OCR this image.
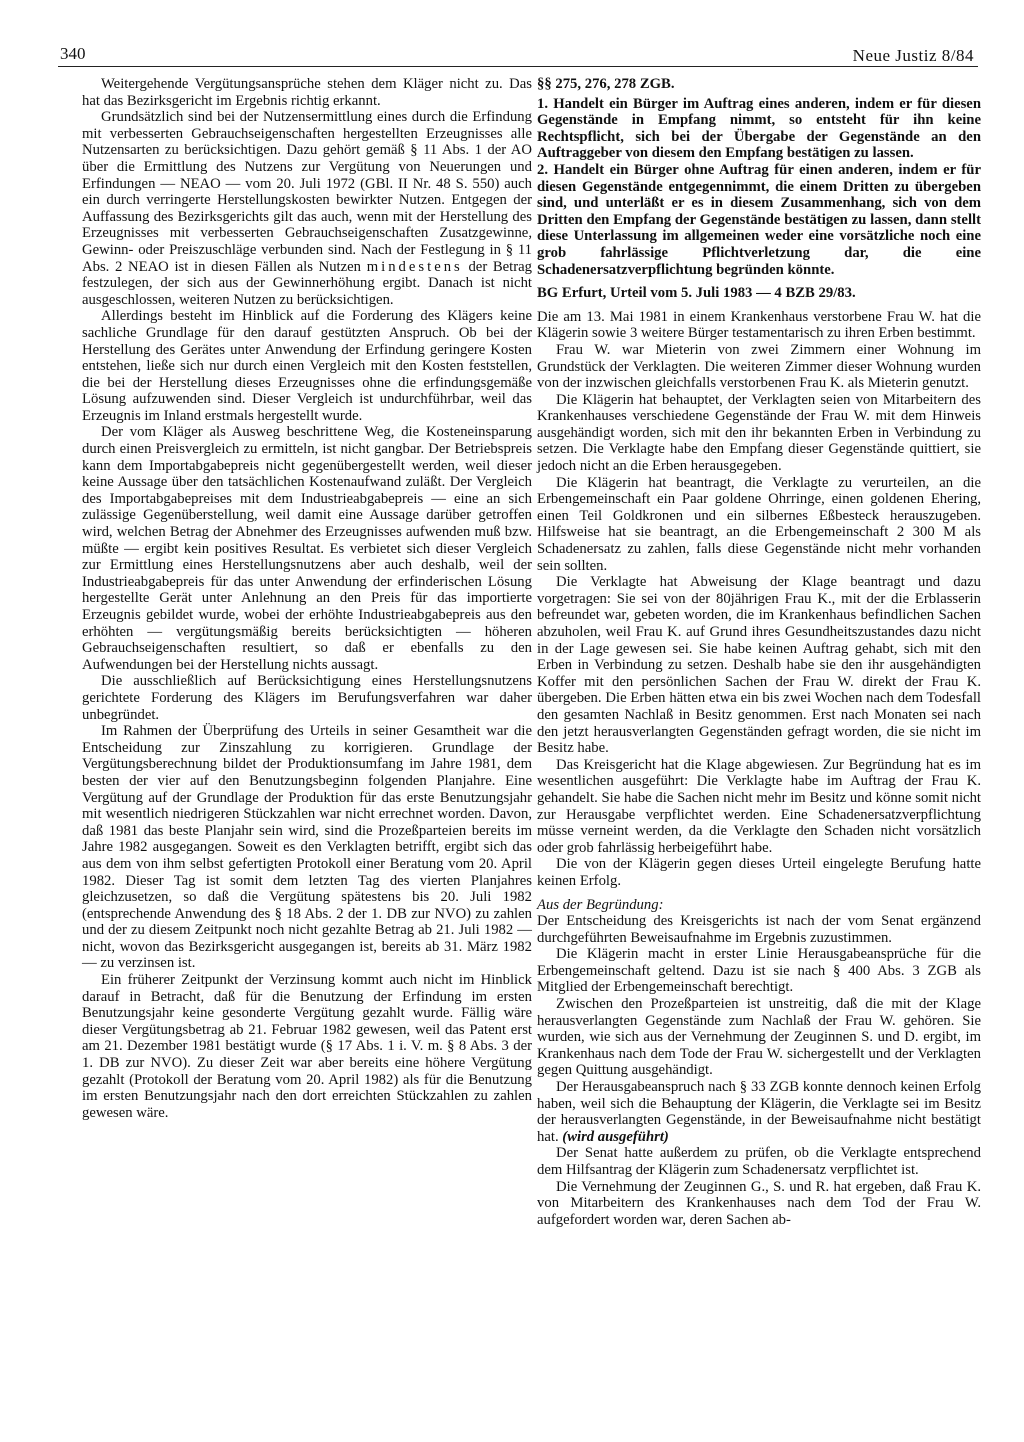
340	Neue Justiz 8/84

Weitergehende Vergütungsansprüche stehen dem Kläger nicht zu. Das hat das Bezirksgericht im Ergebnis richtig erkannt.

Grundsätzlich sind bei der Nutzensermittlung eines durch die Erfindung mit verbesserten Gebrauchseigenschaften hergestellten Erzeugnisses alle Nutzensarten zu berücksichtigen. Dazu gehört gemäß § 11 Abs. 1 der AO über die Ermittlung des Nutzens zur Vergütung von Neuerungen und Erfindungen — NEAO — vom 20. Juli 1972 (GBl. II Nr. 48 S. 550) auch ein durch verringerte Herstellungskosten bewirkter Nutzen. Entgegen der Auffassung des Bezirksgerichts gilt das auch, wenn mit der Herstellung des Erzeugnisses mit verbesserten Gebrauchseigenschaften Zusatzgewinne, Gewinn- oder Preiszuschläge verbunden sind. Nach der Festlegung in § 11 Abs. 2 NEAO ist in diesen Fällen als Nutzen mindestens der Betrag festzulegen, der sich aus der Gewinnerhöhung ergibt. Danach ist nicht ausgeschlossen, weiteren Nutzen zu berücksichtigen.

Allerdings besteht im Hinblick auf die Forderung des Klägers keine sachliche Grundlage für den darauf gestützten Anspruch. Ob bei der Herstellung des Gerätes unter Anwendung der Erfindung geringere Kosten entstehen, ließe sich nur durch einen Vergleich mit den Kosten feststellen, die bei der Herstellung dieses Erzeugnisses ohne die erfindungsgemäße Lösung aufzuwenden sind. Dieser Vergleich ist undurchführbar, weil das Erzeugnis im Inland erstmals hergestellt wurde.

Der vom Kläger als Ausweg beschrittene Weg, die Kosteneinsparung durch einen Preisvergleich zu ermitteln, ist nicht gangbar. Der Betriebspreis kann dem Importabgabepreis nicht gegenübergestellt werden, weil dieser keine Aussage über den tatsächlichen Kostenaufwand zuläßt. Der Vergleich des Importabgabepreises mit dem Industrieabgabepreis — eine an sich zulässige Gegenüberstellung, weil damit eine Aussage darüber getroffen wird, welchen Betrag der Abnehmer des Erzeugnisses aufwenden muß bzw. müßte — ergibt kein positives Resultat. Es verbietet sich dieser Vergleich zur Ermittlung eines Herstellungsnutzens aber auch deshalb, weil der Industrieabgabepreis für das unter Anwendung der erfinderischen Lösung hergestellte Gerät unter Anlehnung an den Preis für das importierte Erzeugnis gebildet wurde, wobei der erhöhte Industrieabgabepreis aus den erhöhten — vergütungsmäßig bereits berücksichtigten — höheren Gebrauchseigenschaften resultiert, so daß er ebenfalls zu den Aufwendungen bei der Herstellung nichts aussagt.

Die ausschließlich auf Berücksichtigung eines Herstellungsnutzens gerichtete Forderung des Klägers im Berufungsverfahren war daher unbegründet.

Im Rahmen der Überprüfung des Urteils in seiner Gesamtheit war die Entscheidung zur Zinszahlung zu korrigieren. Grundlage der Vergütungsberechnung bildet der Produktionsumfang im Jahre 1981, dem besten der vier auf den Benutzungsbeginn folgenden Planjahre. Eine Vergütung auf der Grundlage der Produktion für das erste Benutzungsjahr mit wesentlich niedrigeren Stückzahlen war nicht errechnet worden. Davon, daß 1981 das beste Planjahr sein wird, sind die Prozeßparteien bereits im Jahre 1982 ausgegangen. Soweit es den Verklagten betrifft, ergibt sich das aus dem von ihm selbst gefertigten Protokoll einer Beratung vom 20. April 1982. Dieser Tag ist somit dem letzten Tag des vierten Planjahres gleichzusetzen, so daß die Vergütung spätestens bis 20. Juli 1982 (entsprechende Anwendung des § 18 Abs. 2 der 1. DB zur NVO) zu zahlen und der zu diesem Zeitpunkt noch nicht gezahlte Betrag ab 21. Juli 1982 — nicht, wovon das Bezirksgericht ausgegangen ist, bereits ab 31. März 1982 — zu verzinsen ist.

Ein früherer Zeitpunkt der Verzinsung kommt auch nicht im Hinblick darauf in Betracht, daß für die Benutzung der Erfindung im ersten Benutzungsjahr keine gesonderte Vergütung gezahlt wurde. Fällig wäre dieser Vergütungsbetrag ab 21. Februar 1982 gewesen, weil das Patent erst am 21. Dezember 1981 bestätigt wurde (§ 17 Abs. 1 i. V. m. § 8 Abs. 3 der 1. DB zur NVO). Zu dieser Zeit war aber bereits eine höhere Vergütung gezahlt (Protokoll der Beratung vom 20. April 1982) als für die Benutzung im ersten Benutzungsjahr nach den dort erreichten Stückzahlen zu zahlen gewesen wäre.

§§ 275, 276, 278 ZGB.

1. Handelt ein Bürger im Auftrag eines anderen, indem er für diesen Gegenstände in Empfang nimmt, so entsteht für ihn keine Rechtspflicht, sich bei der Übergabe der Gegenstände an den Auftraggeber von diesem den Empfang bestätigen zu lassen.

2. Handelt ein Bürger ohne Auftrag für einen anderen, indem er für diesen Gegenstände entgegennimmt, die einem Dritten zu übergeben sind, und unterläßt er es in diesem Zusammenhang, sich von dem Dritten den Empfang der Gegenstände bestätigen zu lassen, dann stellt diese Unterlassung im allgemeinen weder eine vorsätzliche noch eine grob fahrlässige Pflichtverletzung dar, die eine Schadenersatzverpflichtung begründen könnte.

BG Erfurt, Urteil vom 5. Juli 1983 — 4 BZB 29/83.

Die am 13. Mai 1981 in einem Krankenhaus verstorbene Frau W. hat die Klägerin sowie 3 weitere Bürger testamentarisch zu ihren Erben bestimmt.

Frau W. war Mieterin von zwei Zimmern einer Wohnung im Grundstück der Verklagten. Die weiteren Zimmer dieser Wohnung wurden von der inzwischen gleichfalls verstorbenen Frau K. als Mieterin genutzt.

Die Klägerin hat behauptet, der Verklagten seien von Mitarbeitern des Krankenhauses verschiedene Gegenstände der Frau W. mit dem Hinweis ausgehändigt worden, sich mit den ihr bekannten Erben in Verbindung zu setzen. Die Verklagte habe den Empfang dieser Gegenstände quittiert, sie jedoch nicht an die Erben herausgegeben.

Die Klägerin hat beantragt, die Verklagte zu verurteilen, an die Erbengemeinschaft ein Paar goldene Ohrringe, einen goldenen Ehering, einen Teil Goldkronen und ein silbernes Eßbesteck herauszugeben. Hilfsweise hat sie beantragt, an die Erbengemeinschaft 2 300 M als Schadenersatz zu zahlen, falls diese Gegenstände nicht mehr vorhanden sein sollten.

Die Verklagte hat Abweisung der Klage beantragt und dazu vorgetragen: Sie sei von der 80jährigen Frau K., mit der die Erblasserin befreundet war, gebeten worden, die im Krankenhaus befindlichen Sachen abzuholen, weil Frau K. auf Grund ihres Gesundheitszustandes dazu nicht in der Lage gewesen sei. Sie habe keinen Auftrag gehabt, sich mit den Erben in Verbindung zu setzen. Deshalb habe sie den ihr ausgehändigten Koffer mit den persönlichen Sachen der Frau W. direkt der Frau K. übergeben. Die Erben hätten etwa ein bis zwei Wochen nach dem Todesfall den gesamten Nachlaß in Besitz genommen. Erst nach Monaten sei nach den jetzt herausverlangten Gegenständen gefragt worden, die sie nicht im Besitz habe.

Das Kreisgericht hat die Klage abgewiesen. Zur Begründung hat es im wesentlichen ausgeführt: Die Verklagte habe im Auftrag der Frau K. gehandelt. Sie habe die Sachen nicht mehr im Besitz und könne somit nicht zur Herausgabe verpflichtet werden. Eine Schadenersatzverpflichtung müsse verneint werden, da die Verklagte den Schaden nicht vorsätzlich oder grob fahrlässig herbeigeführt habe.

Die von der Klägerin gegen dieses Urteil eingelegte Berufung hatte keinen Erfolg.

Aus der Begründung:

Der Entscheidung des Kreisgerichts ist nach der vom Senat ergänzend durchgeführten Beweisaufnahme im Ergebnis zuzustimmen.

Die Klägerin macht in erster Linie Herausgabeansprüche für die Erbengemeinschaft geltend. Dazu ist sie nach § 400 Abs. 3 ZGB als Mitglied der Erbengemeinschaft berechtigt.

Zwischen den Prozeßparteien ist unstreitig, daß die mit der Klage herausverlangten Gegenstände zum Nachlaß der Frau W. gehören. Sie wurden, wie sich aus der Vernehmung der Zeuginnen S. und D. ergibt, im Krankenhaus nach dem Tode der Frau W. sichergestellt und der Verklagten gegen Quittung ausgehändigt.

Der Herausgabeanspruch nach § 33 ZGB konnte dennoch keinen Erfolg haben, weil sich die Behauptung der Klägerin, die Verklagte sei im Besitz der herausverlangten Gegenstände, in der Beweisaufnahme nicht bestätigt hat. (wird ausgeführt)

Der Senat hatte außerdem zu prüfen, ob die Verklagte entsprechend dem Hilfsantrag der Klägerin zum Schadenersatz verpflichtet ist.

Die Vernehmung der Zeuginnen G., S. und R. hat ergeben, daß Frau K. von Mitarbeitern des Krankenhauses nach dem Tod der Frau W. aufgefordert worden war, deren Sachen ab-
